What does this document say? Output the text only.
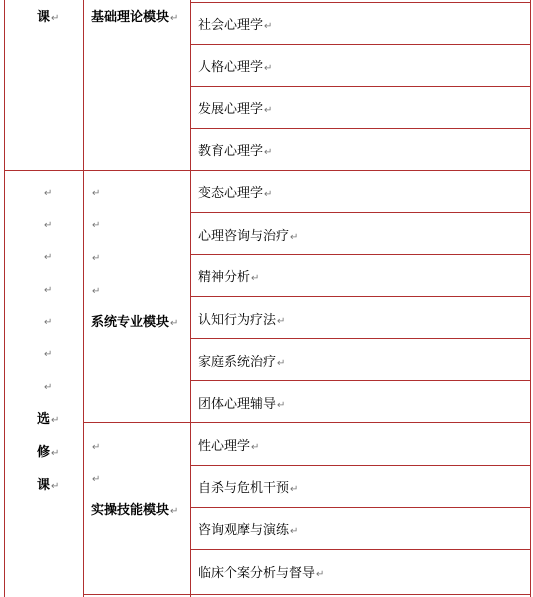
课↵
↵
↵
↵
↵
↵
↵
↵
选↵
修↵
课↵
基础理论模块↵
↵
↵
↵
↵
系统专业模块↵
↵
↵
实操技能模块↵
社会心理学↵
人格心理学↵
发展心理学↵
教育心理学↵
变态心理学↵
心理咨询与治疗↵
精神分析↵
认知行为疗法↵
家庭系统治疗↵
团体心理辅导↵
性心理学↵
自杀与危机干预↵
咨询观摩与演练↵
临床个案分析与督导↵
